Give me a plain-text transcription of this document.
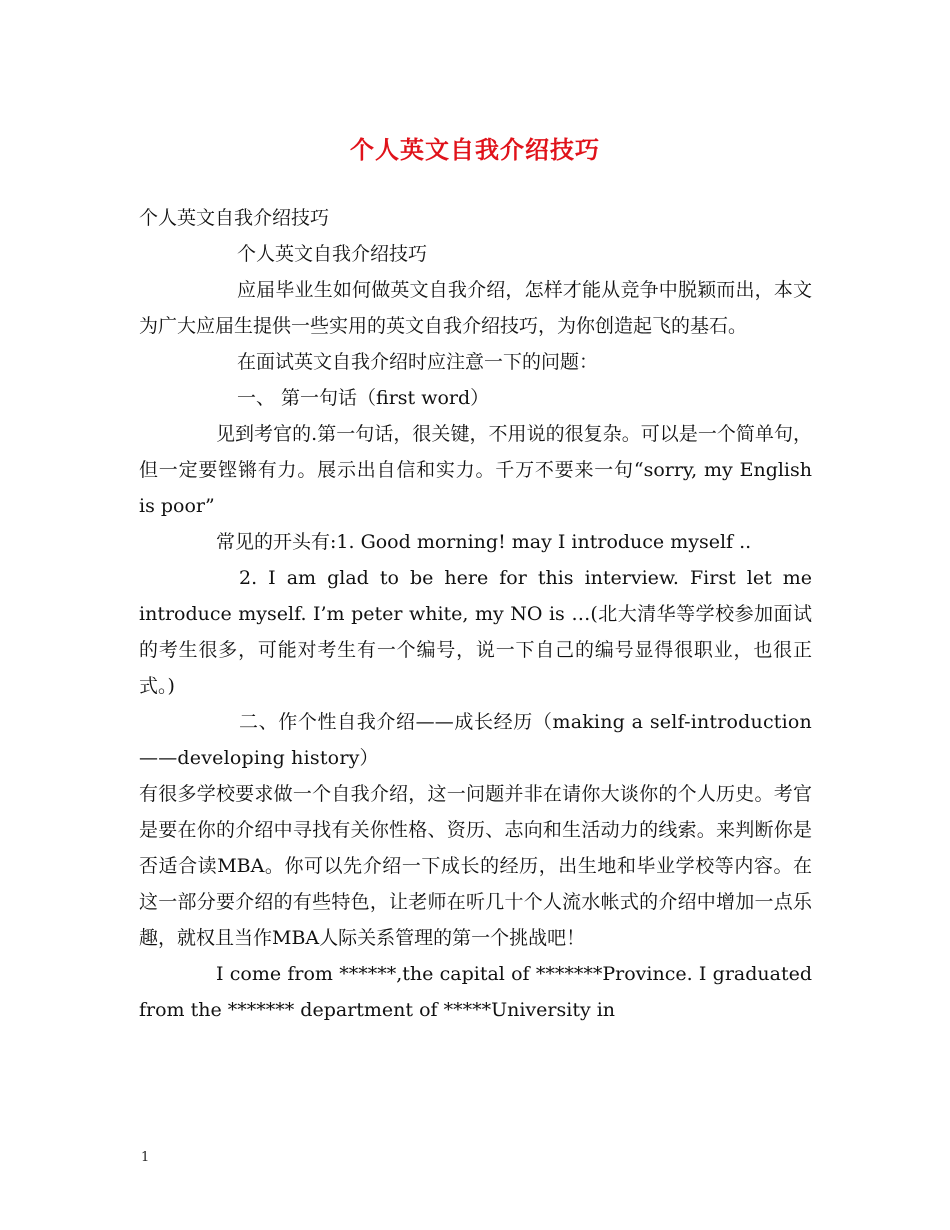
个人英文自我介绍技巧

个人英文自我介绍技巧

个人英文自我介绍技巧

应届毕业生如何做英文自我介绍，怎样才能从竞争中脱颖而出，本文为广大应届生提供一些实用的英文自我介绍技巧，为你创造起飞的基石。

在面试英文自我介绍时应注意一下的问题：

一、 第一句话（first word）

见到考官的.第一句话，很关键，不用说的很复杂。可以是一个简单句，但一定要铿锵有力。展示出自信和实力。千万不要来一句“sorry, my English is poor”

常见的开头有:1. Good morning! may I introduce myself ..

2. I am glad to be here for this interview. First let me introduce myself. I’m peter white, my NO is …(北大清华等学校参加面试的考生很多，可能对考生有一个编号，说一下自己的编号显得很职业，也很正式。)

二、作个性自我介绍——成长经历（making a self-introduction ——developing history）

有很多学校要求做一个自我介绍，这一问题并非在请你大谈你的个人历史。考官是要在你的介绍中寻找有关你性格、资历、志向和生活动力的线索。来判断你是否适合读MBA。你可以先介绍一下成长的经历，出生地和毕业学校等内容。在这一部分要介绍的有些特色，让老师在听几十个人流水帐式的介绍中增加一点乐趣，就权且当作MBA人际关系管理的第一个挑战吧！

I come from ******,the capital of *******Province. I graduated from the ******* department of *****University in

1
